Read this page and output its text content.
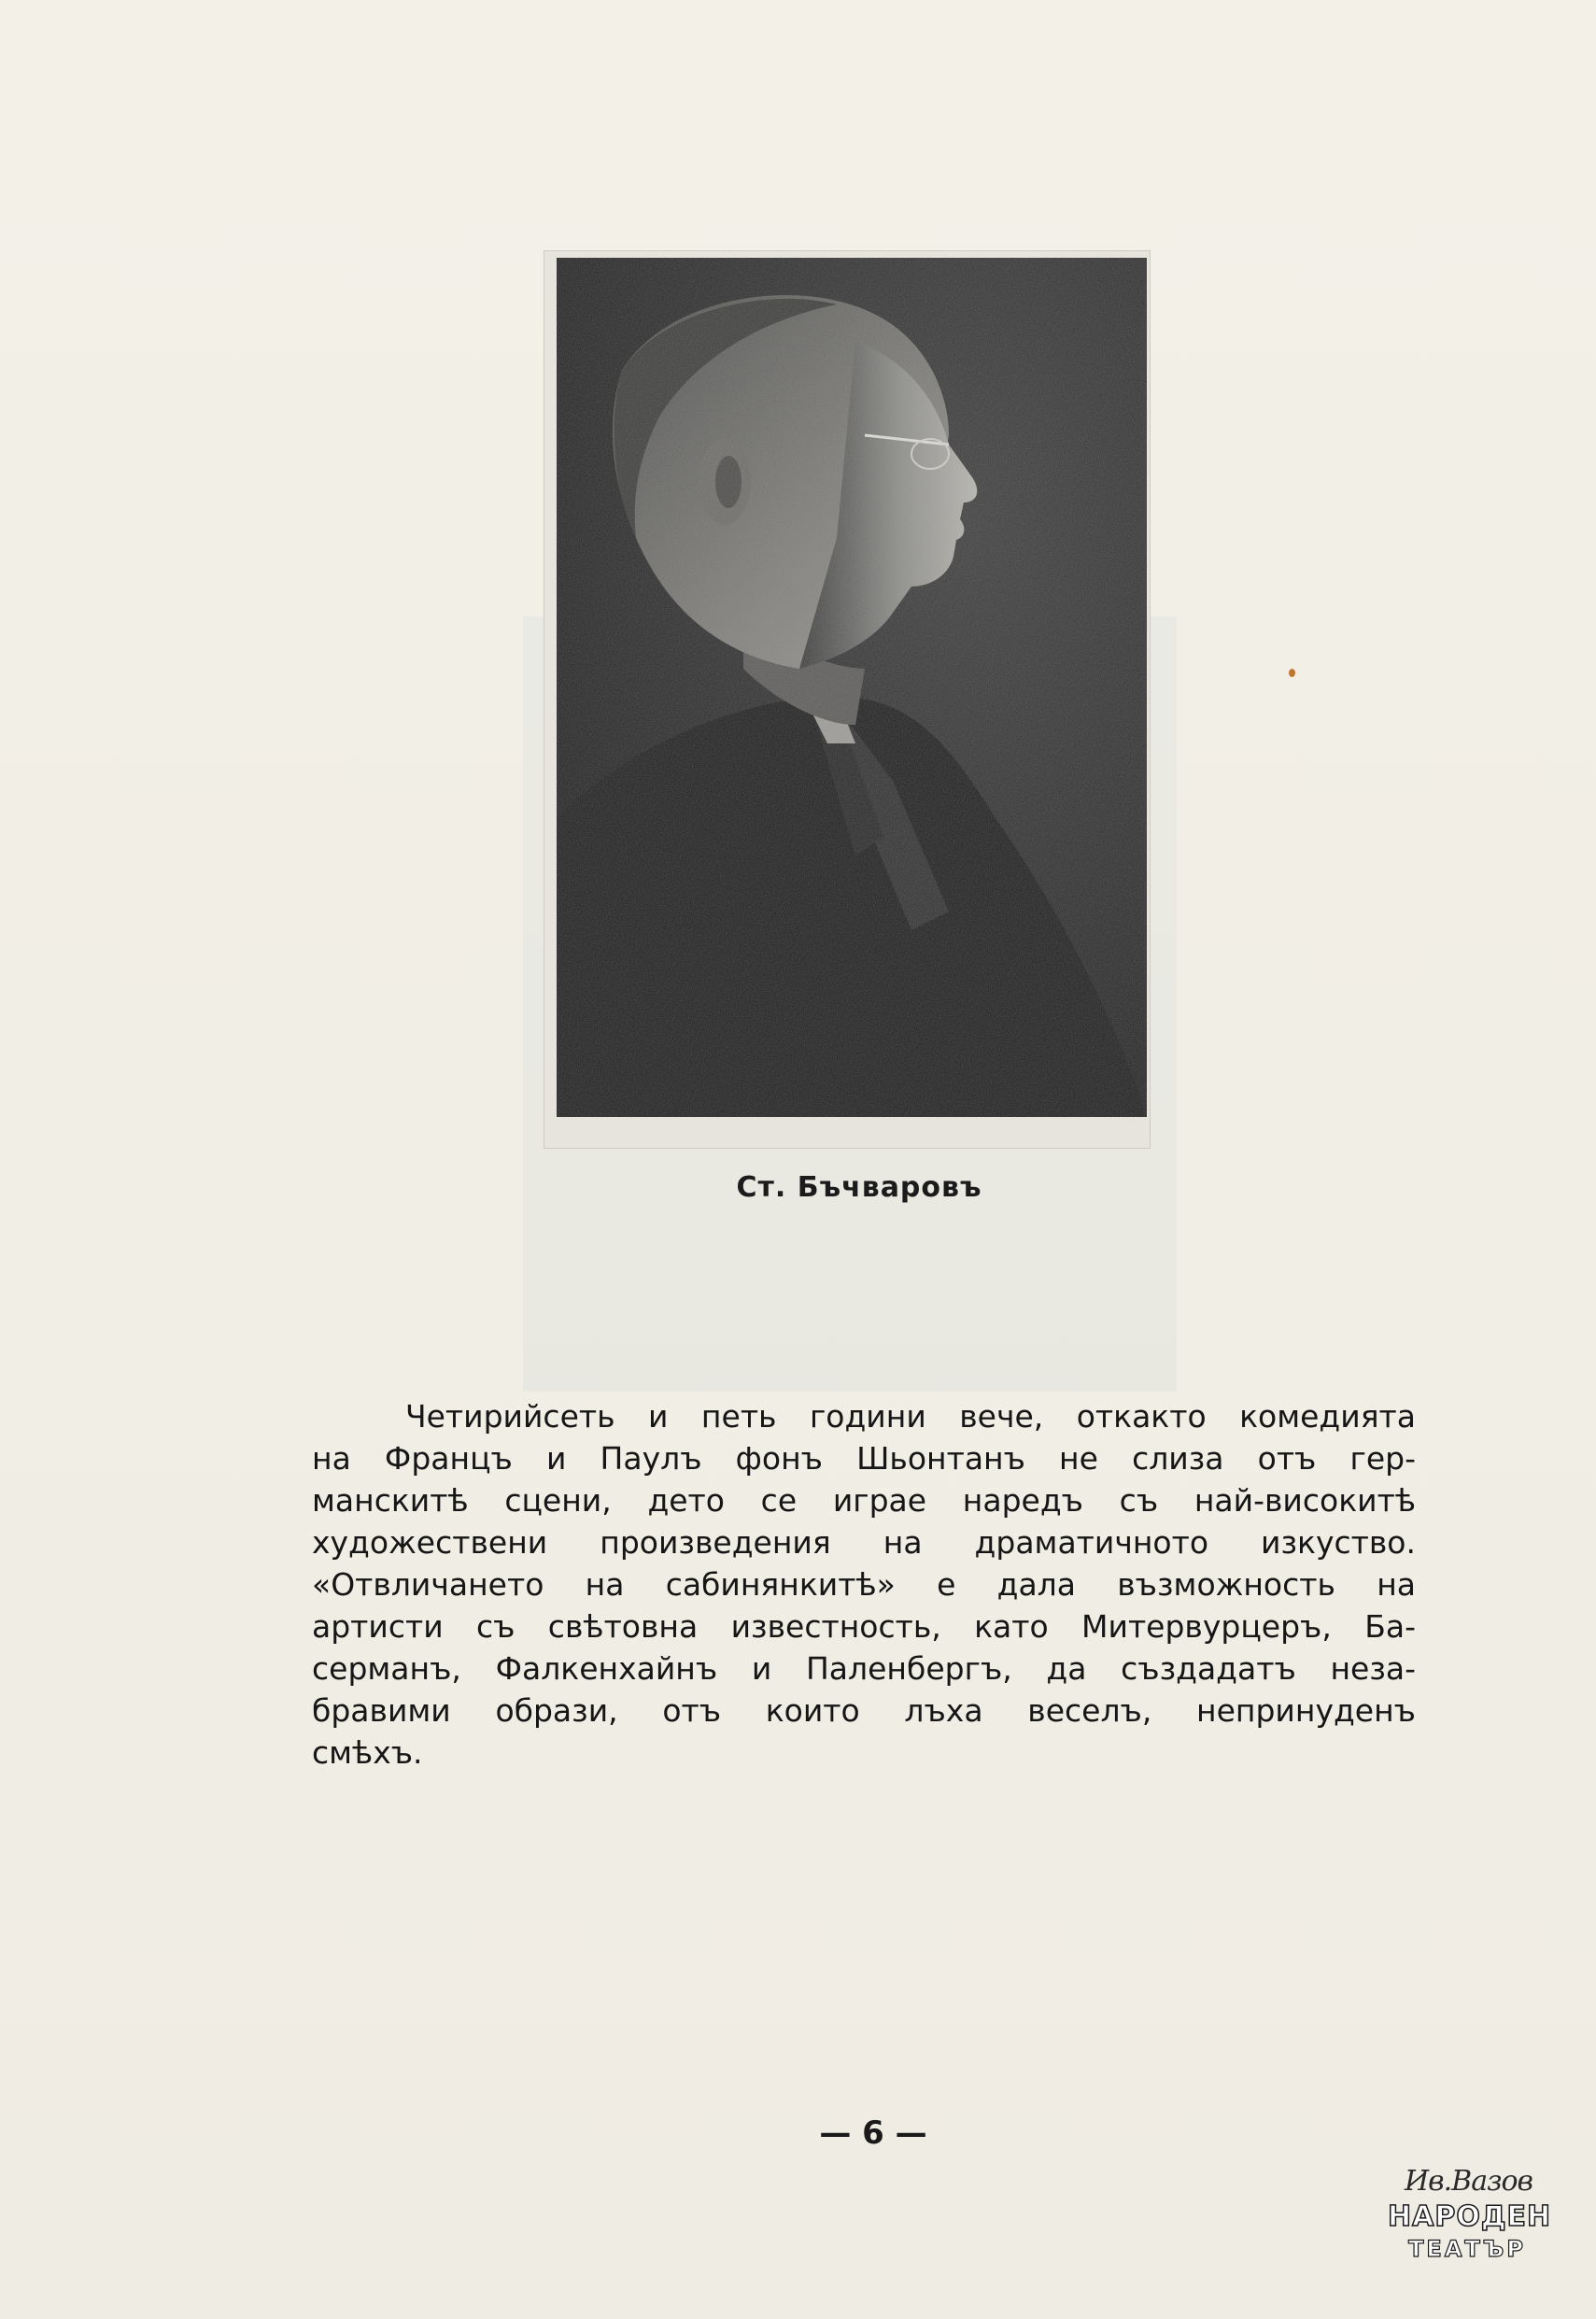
Ст. Бъчваровъ
Четирийсеть и петь години вече, откакто комедията
на Францъ и Паулъ фонъ Шьонтанъ не слиза отъ гер-
манскитѣ сцени, дето се играе наредъ съ най-високитѣ
художествени произведения на драматичното изкуство.
«Отвличането на сабинянкитѣ» е дала възможность на
артисти съ свѣтовна известность, като Митервурцеръ, Ба-
серманъ, Фалкенхайнъ и Паленбергъ, да създадатъ неза-
бравими образи, отъ които лъха веселъ, непринуденъ
смѣхъ.
— 6 —
Ив.Вазов
НАРОДЕН
ТЕАТЪР
